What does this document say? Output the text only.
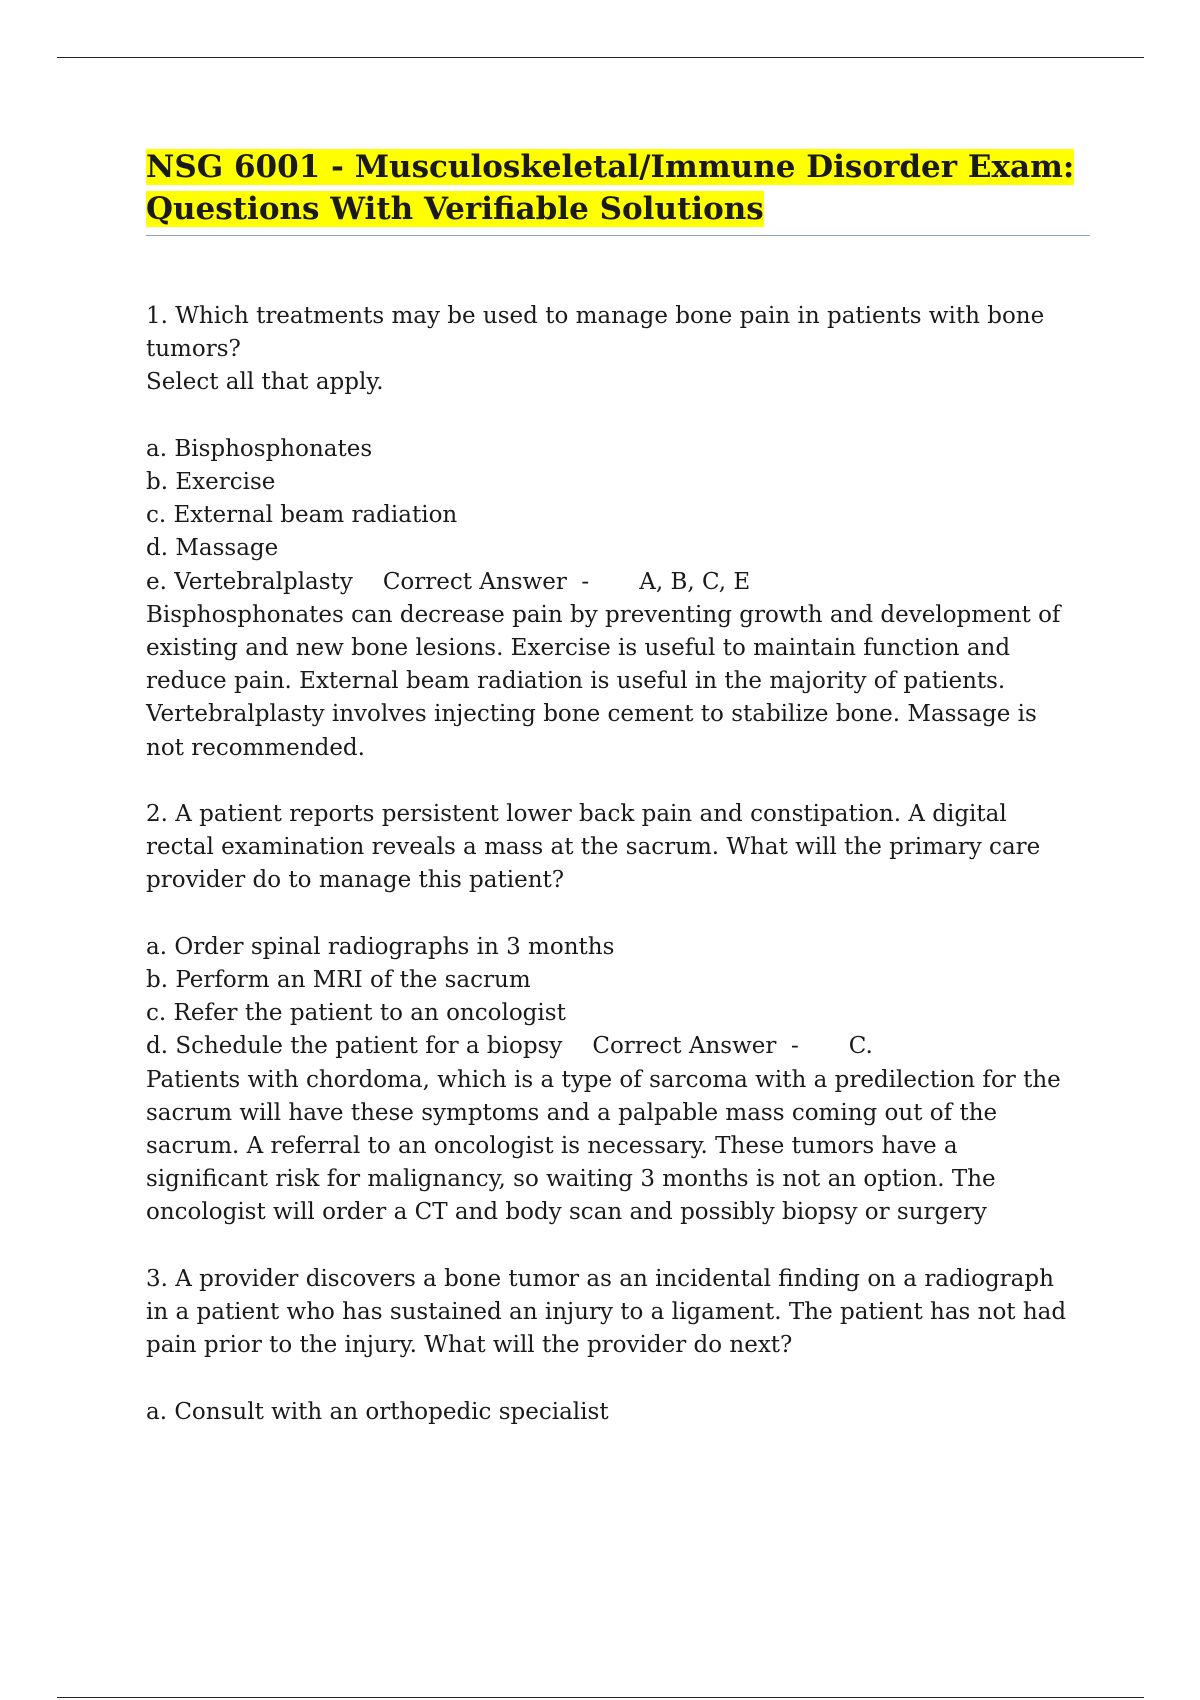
NSG 6001 - Musculoskeletal/Immune Disorder Exam:
Questions With Verifiable Solutions
1. Which treatments may be used to manage bone pain in patients with bone
tumors?
Select all that apply.
a. Bisphosphonates
b. Exercise
c. External beam radiation
d. Massage
e. Vertebralplasty Correct Answer  - A, B, C, E
Bisphosphonates can decrease pain by preventing growth and development of
existing and new bone lesions. Exercise is useful to maintain function and
reduce pain. External beam radiation is useful in the majority of patients.
Vertebralplasty involves injecting bone cement to stabilize bone. Massage is
not recommended.
2. A patient reports persistent lower back pain and constipation. A digital
rectal examination reveals a mass at the sacrum. What will the primary care
provider do to manage this patient?
a. Order spinal radiographs in 3 months
b. Perform an MRI of the sacrum
c. Refer the patient to an oncologist
d. Schedule the patient for a biopsy Correct Answer  - C.
Patients with chordoma, which is a type of sarcoma with a predilection for the
sacrum will have these symptoms and a palpable mass coming out of the
sacrum. A referral to an oncologist is necessary. These tumors have a
significant risk for malignancy, so waiting 3 months is not an option. The
oncologist will order a CT and body scan and possibly biopsy or surgery
3. A provider discovers a bone tumor as an incidental finding on a radiograph
in a patient who has sustained an injury to a ligament. The patient has not had
pain prior to the injury. What will the provider do next?
a. Consult with an orthopedic specialist
